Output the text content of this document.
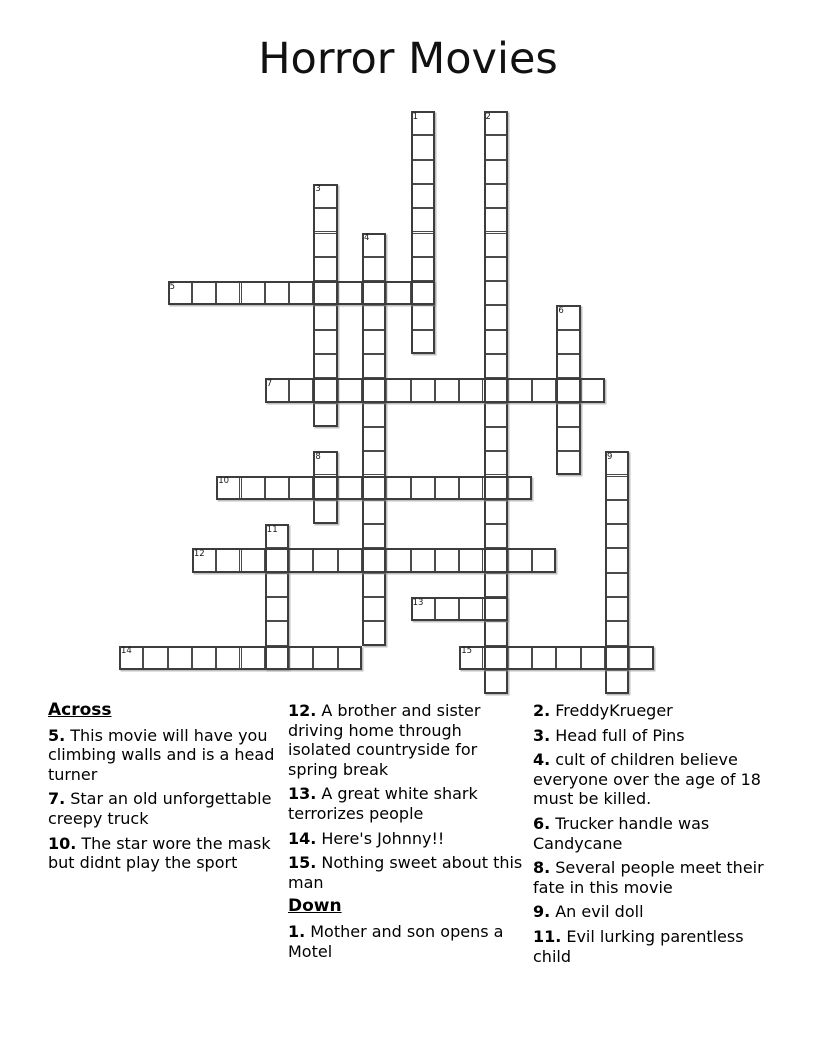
Horror Movies
1	2
3
4
5
6
7
8	9
10
11
12
13
14	15
Across
5. This movie will have you climbing walls and is a head turner
7. Star an old unforgettable creepy truck
10. The star wore the mask but didnt play the sport
12. A brother and sister driving home through isolated countryside for spring break
13. A great white shark terrorizes people
14. Here's Johnny!!
15. Nothing sweet about this man
Down
1. Mother and son opens a Motel
2. FreddyKrueger
3. Head full of Pins
4. cult of children believe everyone over the age of 18 must be killed.
6. Trucker handle was Candycane
8. Several people meet their fate in this movie
9. An evil doll
11. Evil lurking parentless child
